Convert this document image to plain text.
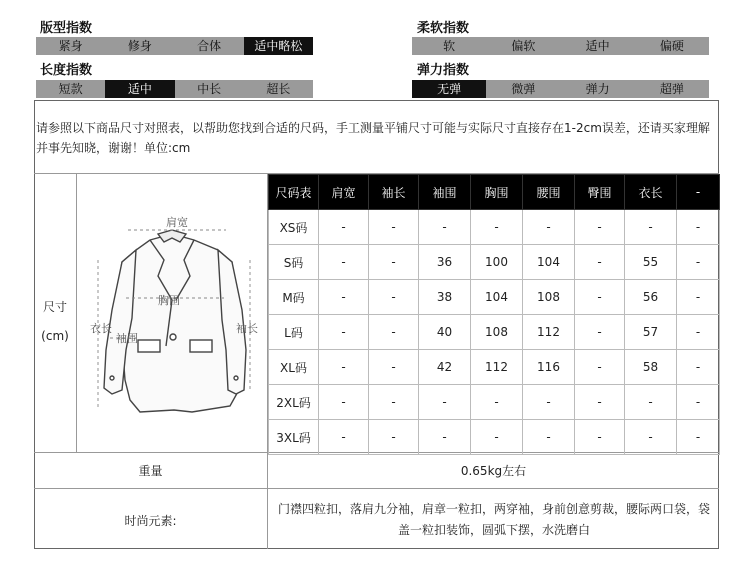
版型指数
紧身	修身	合体	适中略松
长度指数
短款	适中	中长	超长
柔软指数
软	偏软	适中	偏硬
弹力指数
无弹	微弹	弹力	超弹
请参照以下商品尺寸对照表，以帮助您找到合适的尺码，手工测量平铺尺寸可能与实际尺寸直接存在1-2cm误差，还请买家理解并事先知晓，谢谢！单位:cm
尺寸
(cm)
肩宽
胸围
衣长	袖长
袖围
尺码表	肩宽	袖长	袖围	胸围	腰围	臀围	衣长	-
XS码	-	-	-	-	-	-	-	-
S码	-	-	36	100	104	-	55	-
M码	-	-	38	104	108	-	56	-
L码	-	-	40	108	112	-	57	-
XL码	-	-	42	112	116	-	58	-
2XL码	-	-	-	-	-	-	-	-
3XL码	-	-	-	-	-	-	-	-
重量	0.65kg左右
时尚元素:
门襟四粒扣，落肩九分袖，肩章一粒扣，两穿袖，身前创意剪裁，腰际两口袋，袋盖一粒扣装饰，圆弧下摆，水洗磨白
